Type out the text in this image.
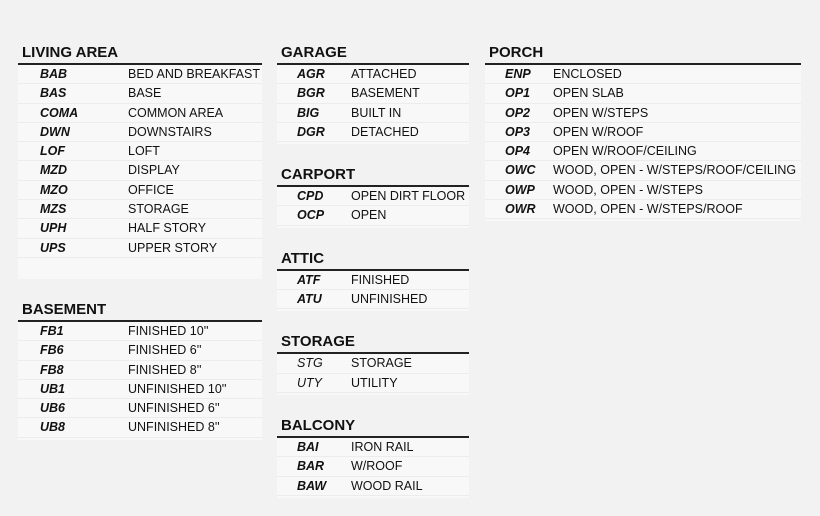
LIVING AREA
BAB	BED AND BREAKFAST
BAS	BASE
COMA	COMMON AREA
DWN	DOWNSTAIRS
LOF	LOFT
MZD	DISPLAY
MZO	OFFICE
MZS	STORAGE
UPH	HALF STORY
UPS	UPPER STORY
BASEMENT
FB1	FINISHED 10''
FB6	FINISHED 6''
FB8	FINISHED 8''
UB1	UNFINISHED 10''
UB6	UNFINISHED 6''
UB8	UNFINISHED 8''
GARAGE
AGR	ATTACHED
BGR	BASEMENT
BIG	BUILT IN
DGR	DETACHED
CARPORT
CPD	OPEN DIRT FLOOR
OCP	OPEN
ATTIC
ATF	FINISHED
ATU	UNFINISHED
STORAGE
STG	STORAGE
UTY	UTILITY
BALCONY
BAI	IRON RAIL
BAR	W/ROOF
BAW	WOOD RAIL
PORCH
ENP	ENCLOSED
OP1	OPEN SLAB
OP2	OPEN W/STEPS
OP3	OPEN W/ROOF
OP4	OPEN W/ROOF/CEILING
OWC	WOOD, OPEN - W/STEPS/ROOF/CEILING
OWP	WOOD, OPEN - W/STEPS
OWR	WOOD, OPEN - W/STEPS/ROOF
